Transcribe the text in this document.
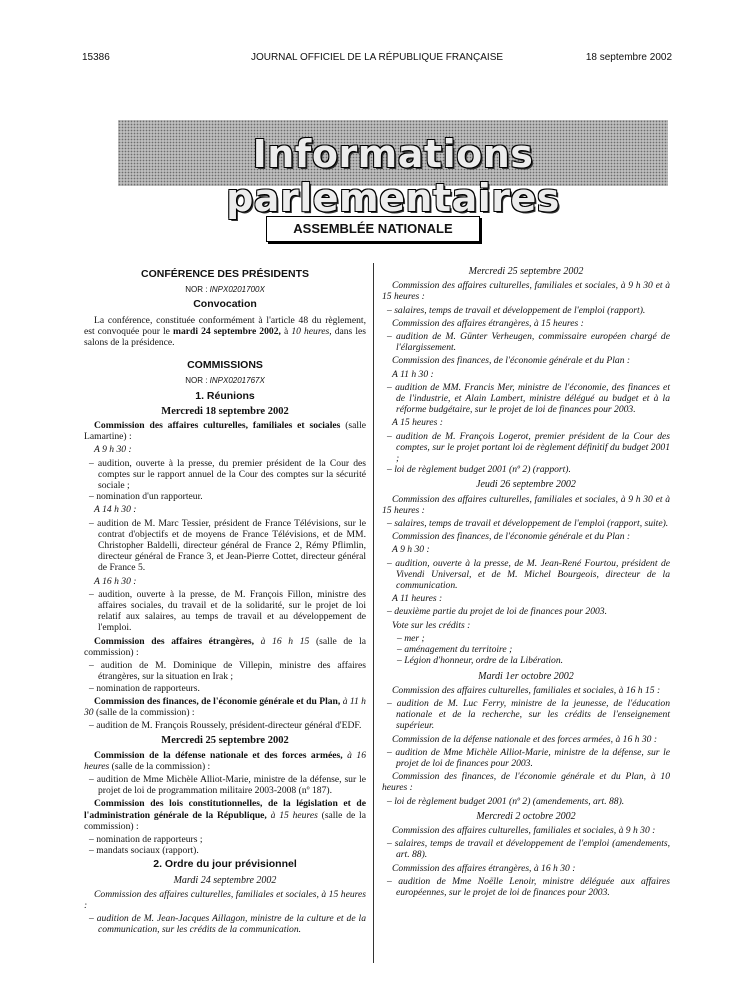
15386	JOURNAL OFFICIEL DE LA RÉPUBLIQUE FRANÇAISE	18 septembre 2002
Informations parlementaires
ASSEMBLÉE NATIONALE
CONFÉRENCE DES PRÉSIDENTS
NOR : INPX0201700X
Convocation

La conférence, constituée conformément à l'article 48 du règlement, est convoquée pour le mardi 24 septembre 2002, à 10 heures, dans les salons de la présidence.

COMMISSIONS
NOR : INPX0201767X
1. Réunions
Mercredi 18 septembre 2002

Commission des affaires culturelles, familiales et sociales (salle Lamartine) :

A 9 h 30 :

– audition, ouverte à la presse, du premier président de la Cour des comptes sur le rapport annuel de la Cour des comptes sur la sécurité sociale ;
– nomination d'un rapporteur.

A 14 h 30 :

– audition de M. Marc Tessier, président de France Télévisions, sur le contrat d'objectifs et de moyens de France Télévisions, et de MM. Christopher Baldelli, directeur général de France 2, Rémy Pflimlin, directeur général de France 3, et Jean-Pierre Cottet, directeur général de France 5.

A 16 h 30 :

– audition, ouverte à la presse, de M. François Fillon, ministre des affaires sociales, du travail et de la solidarité, sur le projet de loi relatif aux salaires, au temps de travail et au développement de l'emploi.

Commission des affaires étrangères, à 16 h 15 (salle de la commission) :

– audition de M. Dominique de Villepin, ministre des affaires étrangères, sur la situation en Irak ;
– nomination de rapporteurs.

Commission des finances, de l'économie générale et du Plan, à 11 h 30 (salle de la commission) :

– audition de M. François Roussely, président-directeur général d'EDF.
Mercredi 25 septembre 2002

Commission de la défense nationale et des forces armées, à 16 heures (salle de la commission) :

– audition de Mme Michèle Alliot-Marie, ministre de la défense, sur le projet de loi de programmation militaire 2003-2008 (nº 187).

Commission des lois constitutionnelles, de la législation et de l'administration générale de la République, à 15 heures (salle de la commission) :

– nomination de rapporteurs ;
– mandats sociaux (rapport).
2. Ordre du jour prévisionnel
Mardi 24 septembre 2002

Commission des affaires culturelles, familiales et sociales, à 15 heures :

– audition de M. Jean-Jacques Aillagon, ministre de la culture et de la communication, sur les crédits de la communication.
Mercredi 25 septembre 2002

Commission des affaires culturelles, familiales et sociales, à 9 h 30 et à 15 heures :

– salaires, temps de travail et développement de l'emploi (rapport).

Commission des affaires étrangères, à 15 heures :

– audition de M. Günter Verheugen, commissaire européen chargé de l'élargissement.

Commission des finances, de l'économie générale et du Plan :

A 11 h 30 :

– audition de MM. Francis Mer, ministre de l'économie, des finances et de l'industrie, et Alain Lambert, ministre délégué au budget et à la réforme budgétaire, sur le projet de loi de finances pour 2003.

A 15 heures :

– audition de M. François Logerot, premier président de la Cour des comptes, sur le projet portant loi de règlement définitif du budget 2001 ;
– loi de règlement budget 2001 (nº 2) (rapport).
Jeudi 26 septembre 2002

Commission des affaires culturelles, familiales et sociales, à 9 h 30 et à 15 heures :

– salaires, temps de travail et développement de l'emploi (rapport, suite).

Commission des finances, de l'économie générale et du Plan :

A 9 h 30 :

– audition, ouverte à la presse, de M. Jean-René Fourtou, président de Vivendi Universal, et de M. Michel Bourgeois, directeur de la communication.

A 11 heures :

– deuxième partie du projet de loi de finances pour 2003.

Vote sur les crédits :

– mer ;
– aménagement du territoire ;
– Légion d'honneur, ordre de la Libération.
Mardi 1er octobre 2002

Commission des affaires culturelles, familiales et sociales, à 16 h 15 :

– audition de M. Luc Ferry, ministre de la jeunesse, de l'éducation nationale et de la recherche, sur les crédits de l'enseignement supérieur.

Commission de la défense nationale et des forces armées, à 16 h 30 :

– audition de Mme Michèle Alliot-Marie, ministre de la défense, sur le projet de loi de finances pour 2003.

Commission des finances, de l'économie générale et du Plan, à 10 heures :

– loi de règlement budget 2001 (nº 2) (amendements, art. 88).
Mercredi 2 octobre 2002

Commission des affaires culturelles, familiales et sociales, à 9 h 30 :

– salaires, temps de travail et développement de l'emploi (amendements, art. 88).

Commission des affaires étrangères, à 16 h 30 :

– audition de Mme Noëlle Lenoir, ministre déléguée aux affaires européennes, sur le projet de loi de finances pour 2003.
